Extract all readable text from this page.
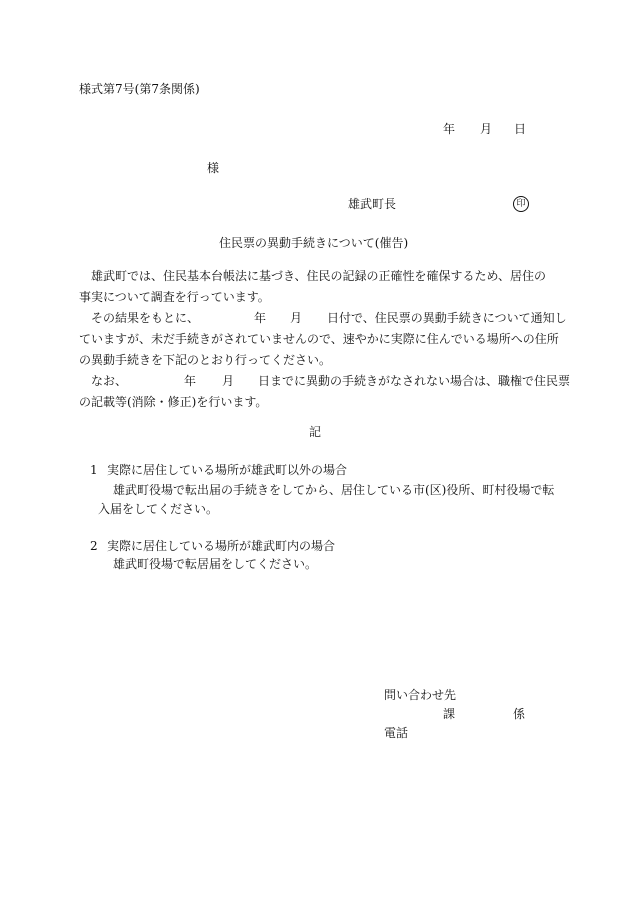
様式第7号(第7条関係)
年 月 日
様
雄武町長	印
住民票の異動手続きについて(催告)
雄武町では、住民基本台帳法に基づき、住民の記録の正確性を確保するため、居住の
事実について調査を行っています。
その結果をもとに、	年 月 日付で、住民票の異動手続きについて通知し
ていますが、未だ手続きがされていませんので、速やかに実際に住んでいる場所への住所
の異動手続きを下記のとおり行ってください。
なお、	年 月 日までに異動の手続きがなされない場合は、職権で住民票
の記載等(消除・修正)を行います。
記
1 実際に居住している場所が雄武町以外の場合
雄武町役場で転出届の手続きをしてから、居住している市(区)役所、町村役場で転
入届をしてください。
2 実際に居住している場所が雄武町内の場合
雄武町役場で転居届をしてください。
問い合わせ先
課	係
電話
